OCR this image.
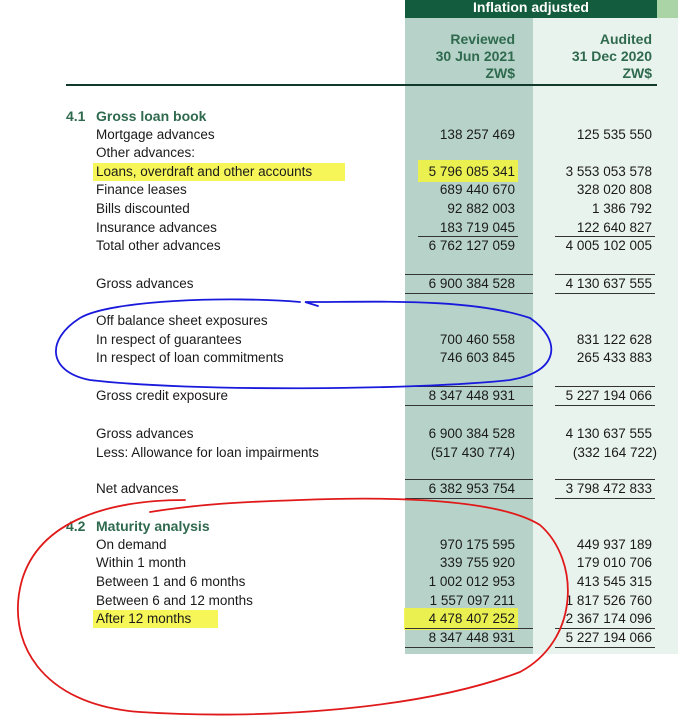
Inflation adjusted
Reviewed
30 Jun 2021
ZW$
Audited
31 Dec 2020
ZW$
4.1 Gross loan book
Mortgage advances	138 257 469	125 535 550
Other advances:
Loans, overdraft and other accounts	5 796 085 341	3 553 053 578
Finance leases	689 440 670	328 020 808
Bills discounted	92 882 003	1 386 792
Insurance advances	183 719 045	122 640 827
Total other advances	6 762 127 059	4 005 102 005
Gross advances	6 900 384 528	4 130 637 555
Off balance sheet exposures
In respect of guarantees	700 460 558	831 122 628
In respect of loan commitments	746 603 845	265 433 883
Gross credit exposure	8 347 448 931	5 227 194 066
Gross advances	6 900 384 528	4 130 637 555
Less: Allowance for loan impairments	(517 430 774)	(332 164 722)
Net advances	6 382 953 754	3 798 472 833
4.2 Maturity analysis
On demand	970 175 595	449 937 189
Within 1 month	339 755 920	179 010 706
Between 1 and 6 months	1 002 012 953	413 545 315
Between 6 and 12 months	1 557 097 211	1 817 526 760
After 12 months	4 478 407 252	2 367 174 096
8 347 448 931	5 227 194 066
